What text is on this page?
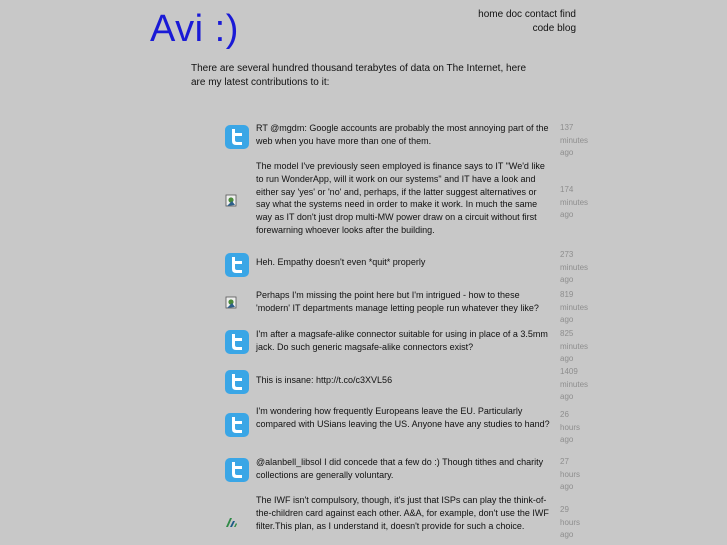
Avi :)	home doc contact find
code blog

There are several hundred thousand terabytes of data on The Internet, here are my latest contributions to it:

RT @mgdm: Google accounts are probably the most annoying part of the web when you have more than one of them.
137
minutes
ago
The model I've previously seen employed is finance says to IT "We'd like to run WonderApp, will it work on our systems" and IT have a look and either say 'yes' or 'no' and, perhaps, if the latter suggest alternatives or say what the systems need in order to make it work. In much the same way as IT don't just drop multi-MW power draw on a circuit without first forewarning whoever looks after the building.
174
minutes
ago
Heh. Empathy doesn't even *quit* properly
273
minutes
ago
Perhaps I'm missing the point here but I'm intrigued - how to these 'modern' IT departments manage letting people run whatever they like?
819
minutes
ago
I'm after a magsafe-alike connector suitable for using in place of a 3.5mm jack. Do such generic magsafe-alike connectors exist?
825
minutes
ago
This is insane: http://t.co/c3XVL56
1409
minutes
ago
I'm wondering how frequently Europeans leave the EU. Particularly compared with USians leaving the US. Anyone have any studies to hand?
26
hours
ago
@alanbell_libsol I did concede that a few do :) Though tithes and charity collections are generally voluntary.
27
hours
ago
The IWF isn't compulsory, though, it's just that ISPs can play the think-of-the-children card against each other. A&A, for example, don't use the IWF filter.This plan, as I understand it, doesn't provide for such a choice.
29
hours
ago
